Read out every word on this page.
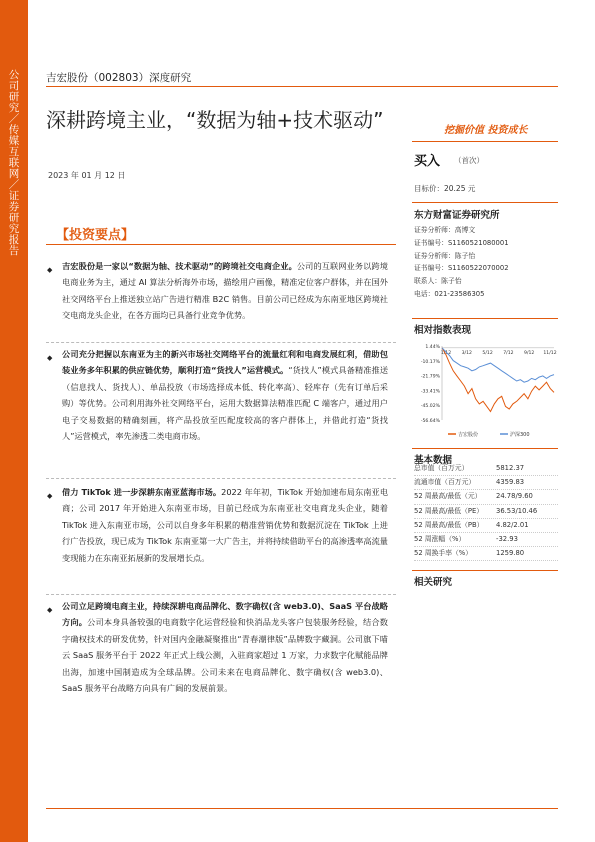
公司研究／传媒互联网／证券研究报告
吉宏股份（002803）深度研究
深耕跨境主业，“数据为轴+技术驱动”	挖掘价值 投资成长
2023 年 01 月 12 日
买入 （首次）
目标价：20.25 元
东方财富证券研究所
证券分析师：高博文
证书编号：S1160521080001
证券分析师：陈子怡
证书编号：S1160522070002
联系人：陈子怡
电话：021-23586305
相对指数表现
1.44%
-10.17%
-21.79%
-33.41%
-45.02%
-56.64%
1/12 3/12 5/12 7/12 9/12 11/12
吉宏股份	沪深300
基本数据
总市值（百万元）	5812.37
流通市值（百万元）	4359.83
52 周最高/最低（元） 24.78/9.60
52 周最高/最低（PE） 36.53/10.46
52 周最高/最低（PB） 4.82/2.01
52 周涨幅（%）	-32.93
52 周换手率（%）	1259.80
相关研究
【投资要点】
◆ 吉宏股份是一家以“数据为轴、技术驱动”的跨境社交电商企业。公司的互联网业务以跨境电商业务为主，通过 AI 算法分析海外市场，描绘用户画像，精准定位客户群体，并在国外社交网络平台上推送独立站广告进行精准 B2C 销售。目前公司已经成为东南亚地区跨境社交电商龙头企业，在各方面均已具备行业竞争优势。
◆ 公司充分把握以东南亚为主的新兴市场社交网络平台的流量红利和电商发展红利，借助包装业务多年积累的供应链优势，顺利打造“货找人”运营模式。“货找人”模式具备精准推送（信息找人、货找人）、单品投放（市场选择成本低、转化率高）、轻库存（先有订单后采购）等优势。公司利用海外社交网络平台，运用大数据算法精准匹配 C 端客户，通过用户电子交易数据的精确刻画，将产品投放至匹配度较高的客户群体上，并借此打造“货找人”运营模式，率先渗透二类电商市场。
◆ 借力 TikTok 进一步深耕东南亚蓝海市场。2022 年年初，TikTok 开始加速布局东南亚电商；公司 2017 年开始进入东南亚市场，目前已经成为东南亚社交电商龙头企业，随着 TikTok 进入东南亚市场，公司以自身多年积累的精准营销优势和数据沉淀在 TikTok 上进行广告投放，现已成为 TikTok 东南亚第一大广告主，并将持续借助平台的高渗透率高流量变现能力在东南亚拓展新的发展增长点。
◆ 公司立足跨境电商主业，持续深耕电商品牌化、数字确权(含 web3.0)、SaaS 平台战略方向。公司本身具备较强的电商数字化运营经验和快消品龙头客户包装服务经验，结合数字确权技术的研发优势，针对国内金融凝聚推出“青春潮律版”品牌数字藏洞。公司旗下喵云 SaaS 服务平台于 2022 年正式上线公测，入驻商家超过 1 万家，力求数字化赋能品牌出海，加速中国制造成为全球品牌。公司未来在电商品牌化、数字确权(含 web3.0)、SaaS 服务平台战略方向具有广阔的发展前景。
